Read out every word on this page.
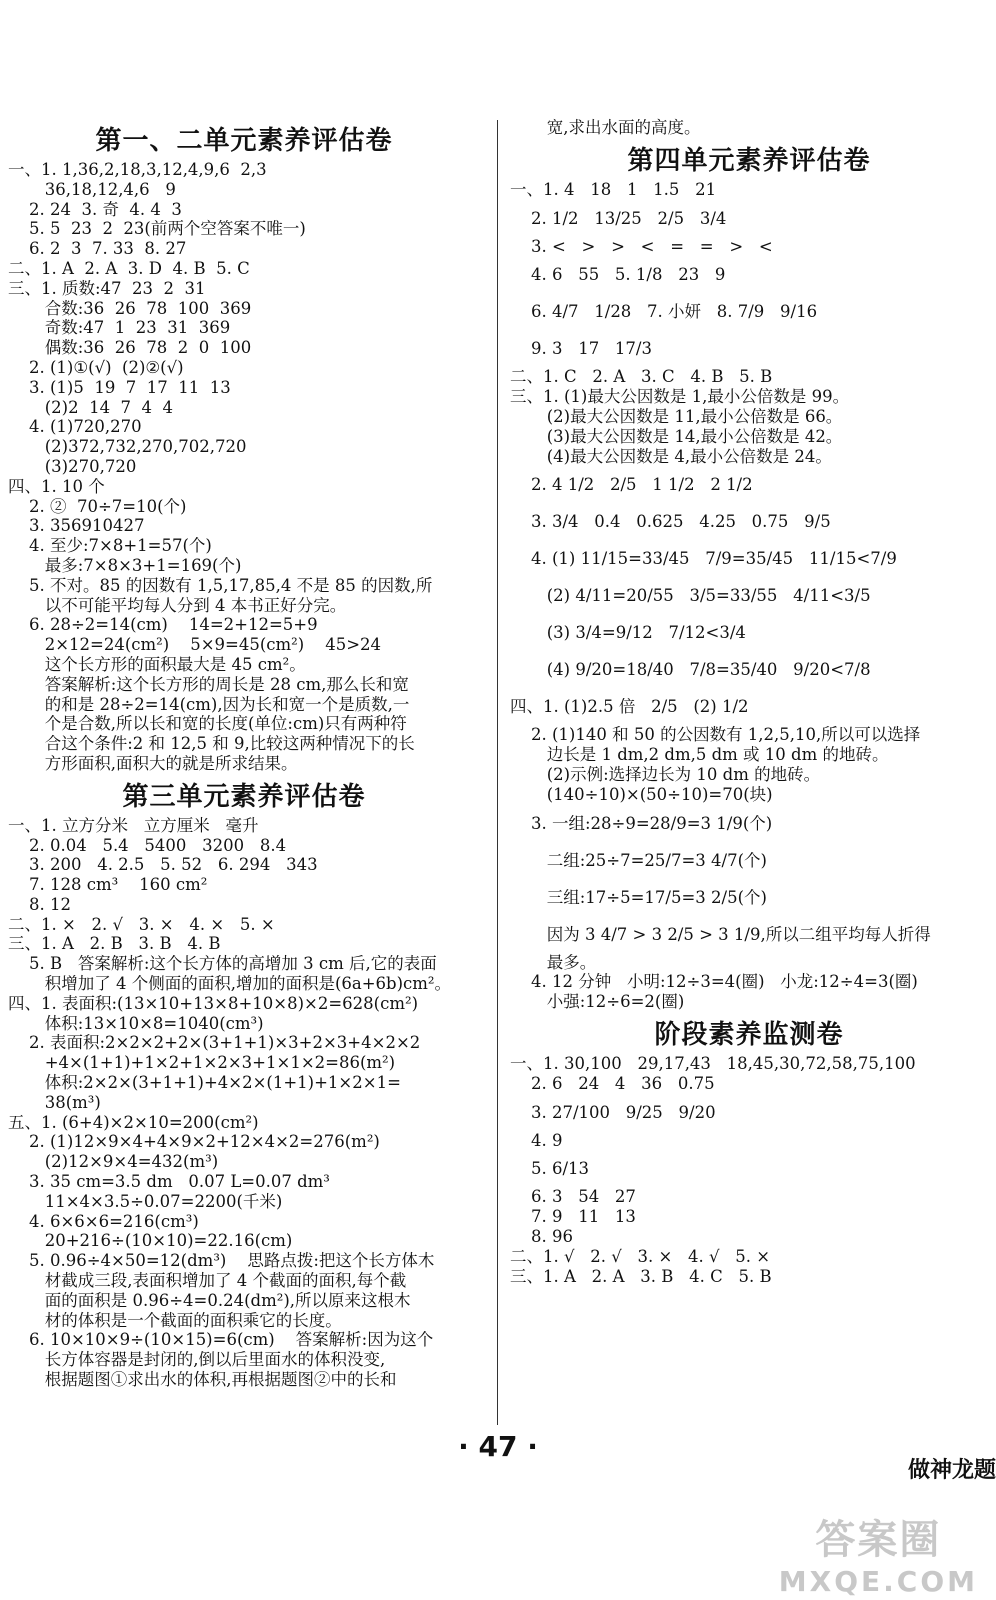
第一、二单元素养评估卷
一、1. 1,36,2,18,3,12,4,9,6  2,3
36,18,12,4,6   9
2. 24  3. 奇  4. 4  3
5. 5  23  2  23(前两个空答案不唯一)
6. 2  3  7. 33  8. 27
二、1. A  2. A  3. D  4. B  5. C
三、1. 质数:47  23  2  31
合数:36  26  78  100  369
奇数:47  1  23  31  369
偶数:36  26  78  2  0  100
2. (1)①(√)  (2)②(√)
3. (1)5  19  7  17  11  13
(2)2  14  7  4  4
4. (1)720,270
(2)372,732,270,702,720
(3)270,720
四、1. 10 个
2. ②  70÷7=10(个)
3. 356910427
4. 至少:7×8+1=57(个)
最多:7×8×3+1=169(个)
5. 不对。85 的因数有 1,5,17,85,4 不是 85 的因数,所
以不可能平均每人分到 4 本书正好分完。
6. 28÷2=14(cm)    14=2+12=5+9
2×12=24(cm²)    5×9=45(cm²)    45>24
这个长方形的面积最大是 45 cm²。
答案解析:这个长方形的周长是 28 cm,那么长和宽
的和是 28÷2=14(cm),因为长和宽一个是质数,一
个是合数,所以长和宽的长度(单位:cm)只有两种符
合这个条件:2 和 12,5 和 9,比较这两种情况下的长
方形面积,面积大的就是所求结果。
第三单元素养评估卷
一、1. 立方分米   立方厘米   毫升
2. 0.04   5.4   5400   3200   8.4
3. 200   4. 2.5   5. 52   6. 294   343
7. 128 cm³    160 cm²
8. 12
二、1. ×   2. √   3. ×   4. ×   5. ×
三、1. A   2. B   3. B   4. B
5. B   答案解析:这个长方体的高增加 3 cm 后,它的表面
积增加了 4 个侧面的面积,增加的面积是(6a+6b)cm²。
四、1. 表面积:(13×10+13×8+10×8)×2=628(cm²)
体积:13×10×8=1040(cm³)
2. 表面积:2×2×2+2×(3+1+1)×3+2×3+4×2×2
+4×(1+1)+1×2+1×2×3+1×1×2=86(m²)
体积:2×2×(3+1+1)+4×2×(1+1)+1×2×1=
38(m³)
五、1. (6+4)×2×10=200(cm²)
2. (1)12×9×4+4×9×2+12×4×2=276(m²)
(2)12×9×4=432(m³)
3. 35 cm=3.5 dm   0.07 L=0.07 dm³
11×4×3.5÷0.07=2200(千米)
4. 6×6×6=216(cm³)
20+216÷(10×10)=22.16(cm)
5. 0.96÷4×50=12(dm³)    思路点拨:把这个长方体木
材截成三段,表面积增加了 4 个截面的面积,每个截
面的面积是 0.96÷4=0.24(dm²),所以原来这根木
材的体积是一个截面的面积乘它的长度。
6. 10×10×9÷(10×15)=6(cm)    答案解析:因为这个
长方体容器是封闭的,倒以后里面水的体积没变,
根据题图①求出水的体积,再根据题图②中的长和
宽,求出水面的高度。
第四单元素养评估卷
一、1. 4   18   1   1.5   21
2. 1/2   13/25   2/5   3/4
3. <   >   >   <   =   =   >   <
4. 6   55   5. 1/8   23   9
6. 4/7   1/28   7. 小妍   8. 7/9   9/16
9. 3   17   17/3
二、1. C   2. A   3. C   4. B   5. B
三、1. (1)最大公因数是 1,最小公倍数是 99。
(2)最大公因数是 11,最小公倍数是 66。
(3)最大公因数是 14,最小公倍数是 42。
(4)最大公因数是 4,最小公倍数是 24。
2. 4 1/2   2/5   1 1/2   2 1/2
3. 3/4   0.4   0.625   4.25   0.75   9/5
4. (1) 11/15=33/45   7/9=35/45   11/15<7/9
(2) 4/11=20/55   3/5=33/55   4/11<3/5
(3) 3/4=9/12   7/12<3/4
(4) 9/20=18/40   7/8=35/40   9/20<7/8
四、1. (1)2.5 倍   2/5   (2) 1/2
2. (1)140 和 50 的公因数有 1,2,5,10,所以可以选择
边长是 1 dm,2 dm,5 dm 或 10 dm 的地砖。
(2)示例:选择边长为 10 dm 的地砖。
(140÷10)×(50÷10)=70(块)
3. 一组:28÷9=28/9=3 1/9(个)
二组:25÷7=25/7=3 4/7(个)
三组:17÷5=17/5=3 2/5(个)
因为 3 4/7 > 3 2/5 > 3 1/9,所以二组平均每人折得
最多。
4. 12 分钟   小明:12÷3=4(圈)   小龙:12÷4=3(圈)
小强:12÷6=2(圈)
阶段素养监测卷
一、1. 30,100   29,17,43   18,45,30,72,58,75,100
2. 6   24   4   36   0.75
3. 27/100   9/25   9/20
4. 9
5. 6/13
6. 3   54   27
7. 9   11   13
8. 96
二、1. √   2. √   3. ×   4. √   5. ×
三、1. A   2. A   3. B   4. C   5. B
· 47 ·
做神龙题
答案圈
MXQE.COM
